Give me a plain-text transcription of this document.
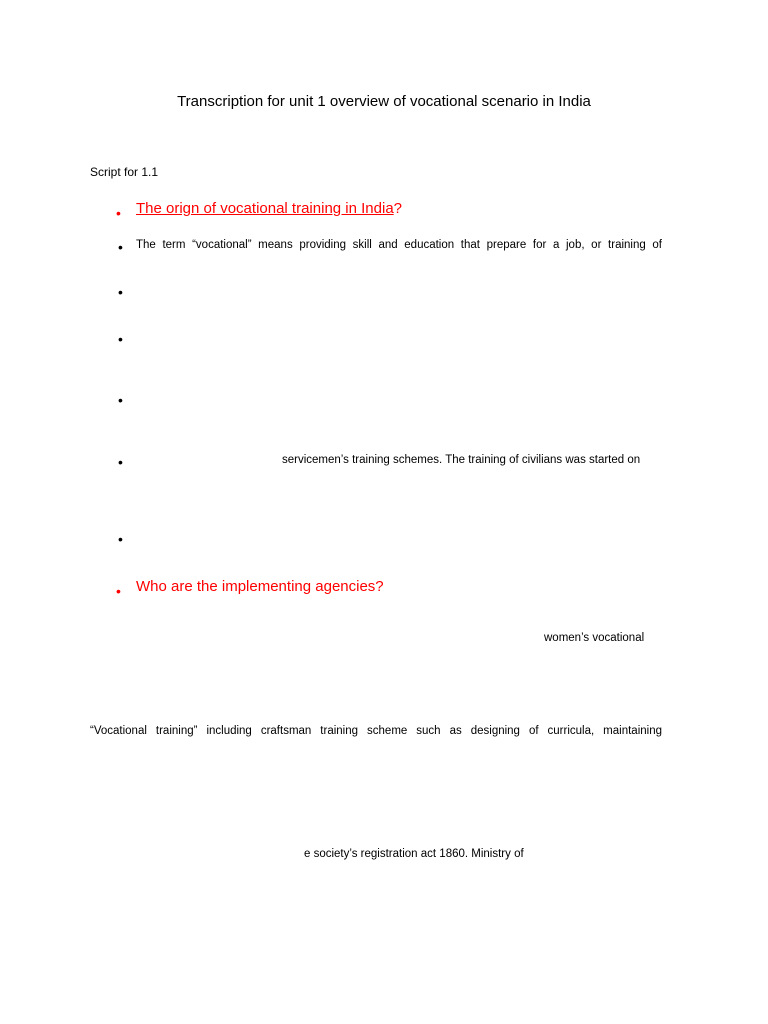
Transcription for unit 1 overview of vocational scenario in India
Script for 1.1
• The orign of vocational training in India?
• The term “vocational” means providing skill and education that prepare for a job, or training of
•
•
•
•	servicemen’s training schemes. The training of civilians was started on
•
• Who are the implementing agencies?
women’s vocational
“Vocational training” including craftsman training scheme such as designing of curricula, maintaining
e society’s registration act 1860. Ministry of
